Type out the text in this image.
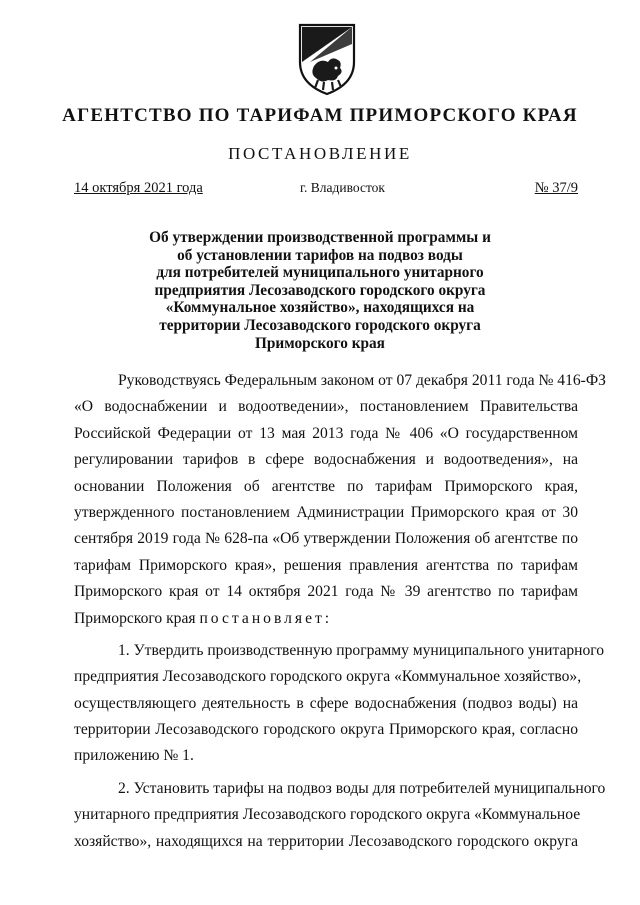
АГЕНТСТВО ПО ТАРИФАМ ПРИМОРСКОГО КРАЯ
ПОСТАНОВЛЕНИЕ
14 октября 2021 года	г. Владивосток	№ 37/9
Об утверждении производственной программы и
об установлении тарифов на подвоз воды
для потребителей муниципального унитарного
предприятия Лесозаводского городского округа
«Коммунальное хозяйство», находящихся на
территории Лесозаводского городского округа
Приморского края
Руководствуясь Федеральным законом от 07 декабря 2011 года № 416-ФЗ
«О водоснабжении и водоотведении», постановлением Правительства
Российской Федерации от 13 мая 2013 года № 406 «О государственном
регулировании тарифов в сфере водоснабжения и водоотведения», на
основании Положения об агентстве по тарифам Приморского края,
утвержденного постановлением Администрации Приморского края от 30
сентября 2019 года № 628-па «Об утверждении Положения об агентстве по
тарифам Приморского края», решения правления агентства по тарифам
Приморского края от 14 октября 2021 года № 39 агентство по тарифам
Приморского края постановляет:
1. Утвердить производственную программу муниципального унитарного
предприятия Лесозаводского городского округа «Коммунальное хозяйство»,
осуществляющего деятельность в сфере водоснабжения (подвоз воды) на
территории Лесозаводского городского округа Приморского края, согласно
приложению № 1.
2. Установить тарифы на подвоз воды для потребителей муниципального
унитарного предприятия Лесозаводского городского округа «Коммунальное
хозяйство», находящихся на территории Лесозаводского городского округа
